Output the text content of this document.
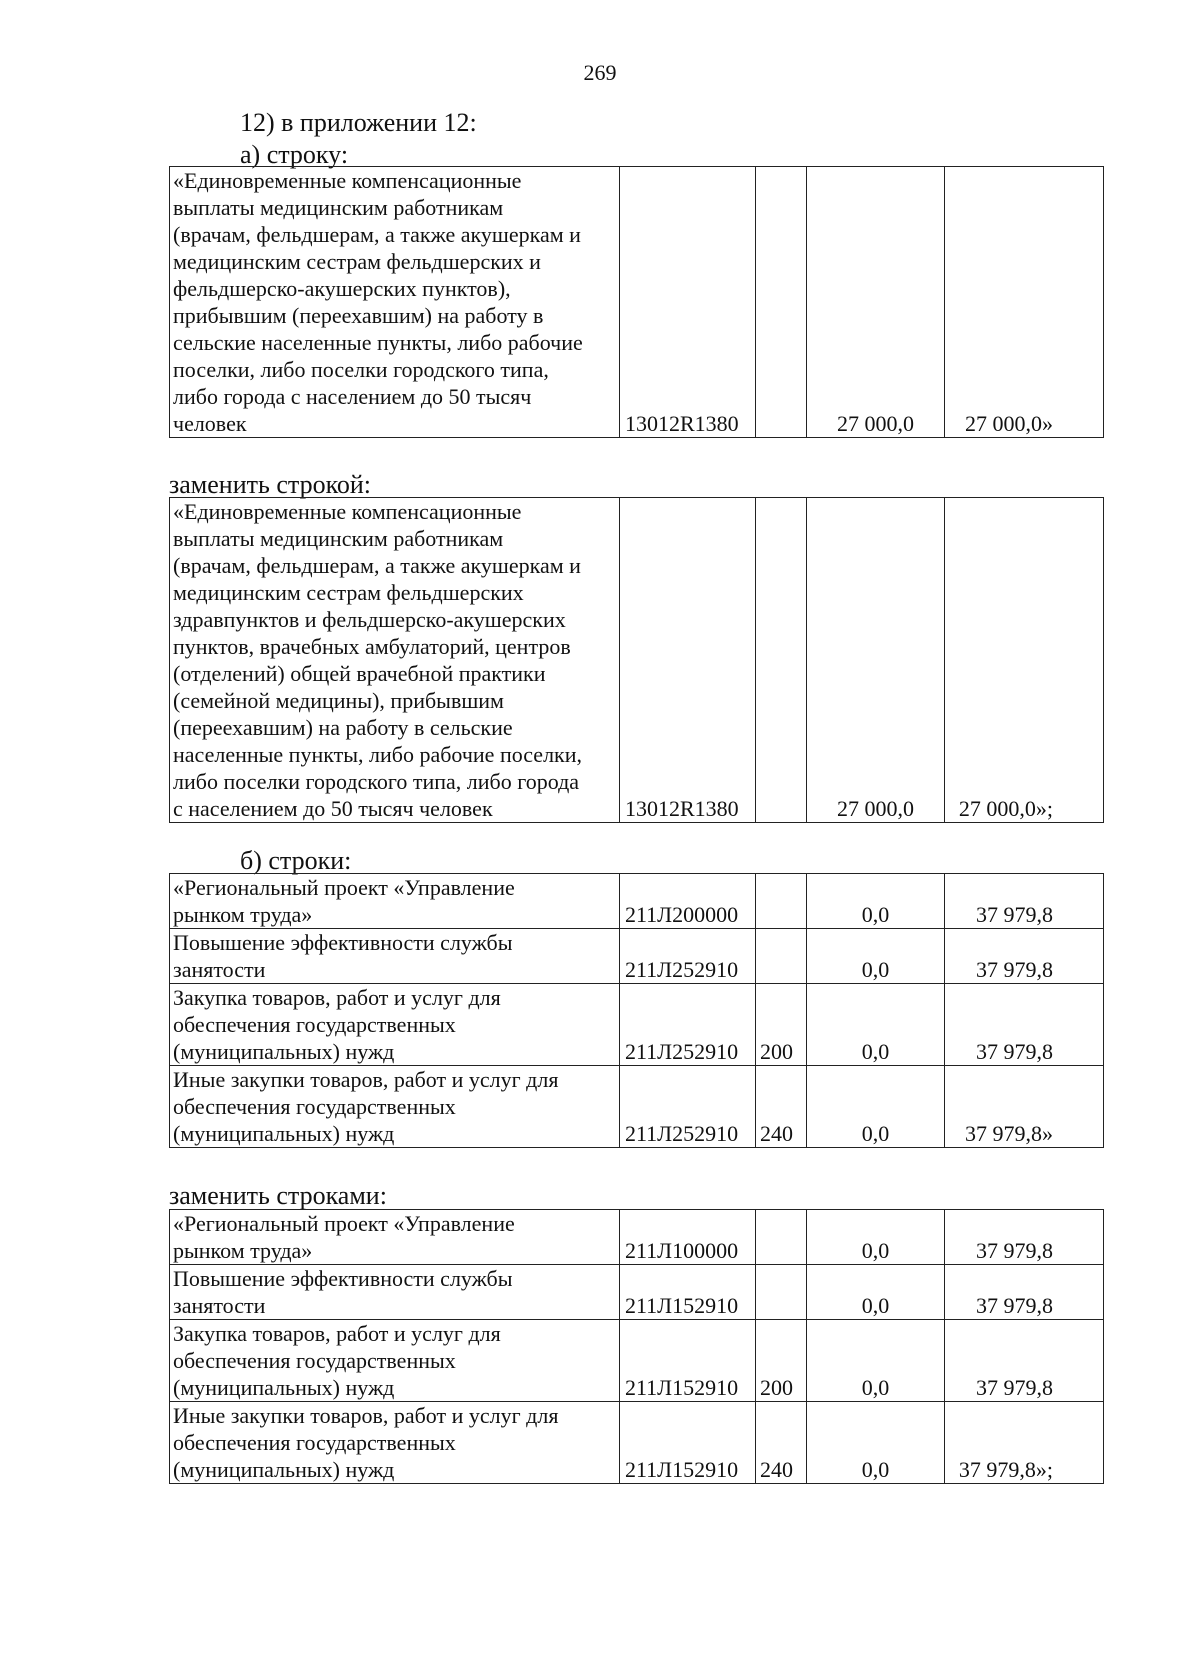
269
12) в приложении 12:
а) строку:
«Единовременные компенсационные
выплаты медицинским работникам
(врачам, фельдшерам, а также акушеркам и
медицинским сестрам фельдшерских и
фельдшерско-акушерских пунктов),
прибывшим (переехавшим) на работу в
сельские населенные пункты, либо рабочие
поселки, либо поселки городского типа,
либо города с населением до 50 тысяч
человек	13012R1380		27 000,0	27 000,0»
заменить строкой:
«Единовременные компенсационные
выплаты медицинским работникам
(врачам, фельдшерам, а также акушеркам и
медицинским сестрам фельдшерских
здравпунктов и фельдшерско-акушерских
пунктов, врачебных амбулаторий, центров
(отделений) общей врачебной практики
(семейной медицины), прибывшим
(переехавшим) на работу в сельские
населенные пункты, либо рабочие поселки,
либо поселки городского типа, либо города
с населением до 50 тысяч человек	13012R1380		27 000,0	27 000,0»;
б) строки:
«Региональный проект «Управление
рынком труда»	211Л200000		0,0	37 979,8
Повышение эффективности службы
занятости	211Л252910		0,0	37 979,8
Закупка товаров, работ и услуг для
обеспечения государственных
(муниципальных) нужд	211Л252910	200	0,0	37 979,8
Иные закупки товаров, работ и услуг для
обеспечения государственных
(муниципальных) нужд	211Л252910	240	0,0	37 979,8»
заменить строками:
«Региональный проект «Управление
рынком труда»	211Л100000		0,0	37 979,8
Повышение эффективности службы
занятости	211Л152910		0,0	37 979,8
Закупка товаров, работ и услуг для
обеспечения государственных
(муниципальных) нужд	211Л152910	200	0,0	37 979,8
Иные закупки товаров, работ и услуг для
обеспечения государственных
(муниципальных) нужд	211Л152910	240	0,0	37 979,8»;
